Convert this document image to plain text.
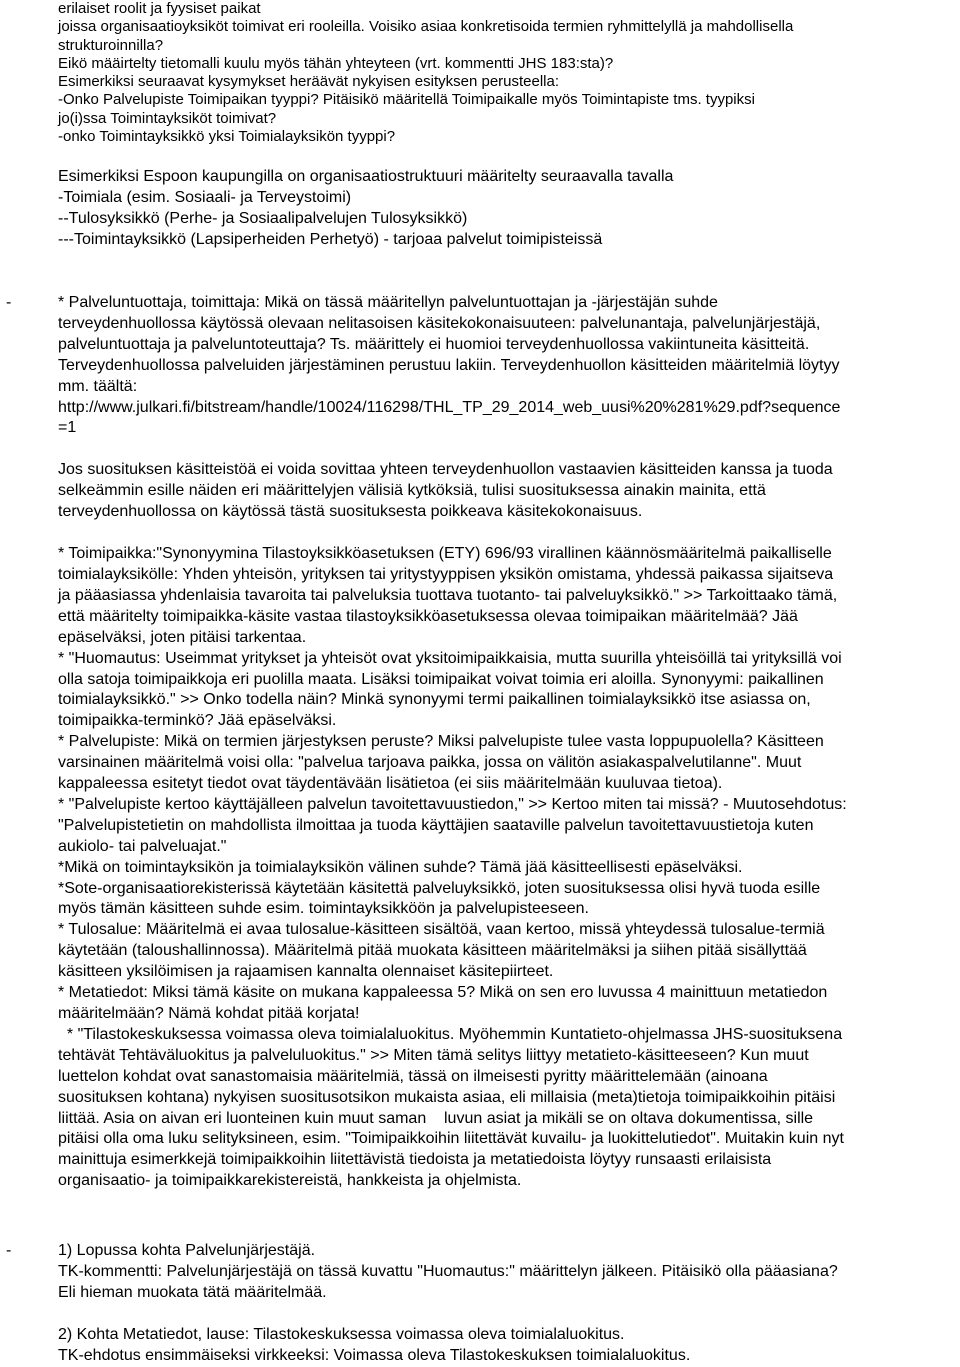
erilaiset roolit ja fyysiset paikat
joissa organisaatioyksiköt toimivat eri rooleilla. Voisiko asiaa konkretisoida termien ryhmittelyllä ja mahdollisella
strukturoinnilla?
Eikö määirtelty tietomalli kuulu myös tähän yhteyteen (vrt. kommentti JHS 183:sta)?
Esimerkiksi seuraavat kysymykset heräävät nykyisen esityksen perusteella:
-Onko Palvelupiste Toimipaikan tyyppi? Pitäisikö määritellä Toimipaikalle myös Toimintapiste tms. tyypiksi
jo(i)ssa Toimintayksiköt toimivat?
-onko Toimintayksikkö yksi Toimialayksikön tyyppi?
Esimerkiksi Espoon kaupungilla on organisaatiostruktuuri määritelty seuraavalla tavalla
-Toimiala (esim. Sosiaali- ja Terveystoimi)
--Tulosyksikkö (Perhe- ja Sosiaalipalvelujen Tulosyksikkö)
---Toimintayksikkö (Lapsiperheiden Perhetyö) - tarjoaa palvelut toimipisteissä
-	* Palveluntuottaja, toimittaja: Mikä on tässä määritellyn palveluntuottajan ja -järjestäjän suhde
terveydenhuollossa käytössä olevaan nelitasoisen käsitekokonaisuuteen: palvelunantaja, palvelunjärjestäjä,
palveluntuottaja ja palveluntoteuttaja? Ts. määrittely ei huomioi terveydenhuollossa vakiintuneita käsitteitä.
Terveydenhuollossa palveluiden järjestäminen perustuu lakiin. Terveydenhuollon käsitteiden määritelmiä löytyy
mm. täältä:
http://www.julkari.fi/bitstream/handle/10024/116298/THL_TP_29_2014_web_uusi%20%281%29.pdf?sequence
=1
Jos suosituksen käsitteistöä ei voida sovittaa yhteen terveydenhuollon vastaavien käsitteiden kanssa ja tuoda
selkeämmin esille näiden eri määrittelyjen välisiä kytköksiä, tulisi suosituksessa ainakin mainita, että
terveydenhuollossa on käytössä tästä suosituksesta poikkeava käsitekokonaisuus.
* Toimipaikka:"Synonyymina Tilastoyksikköasetuksen (ETY) 696/93 virallinen käännösmääritelmä paikalliselle
toimialayksikölle: Yhden yhteisön, yrityksen tai yritystyyppisen yksikön omistama, yhdessä paikassa sijaitseva
ja pääasiassa yhdenlaisia tavaroita tai palveluksia tuottava tuotanto- tai palveluyksikkö." >> Tarkoittaako tämä,
että määritelty toimipaikka-käsite vastaa tilastoyksikköasetuksessa olevaa toimipaikan määritelmää? Jää
epäselväksi, joten pitäisi tarkentaa.
* "Huomautus: Useimmat yritykset ja yhteisöt ovat yksitoimipaikkaisia, mutta suurilla yhteisöillä tai yrityksillä voi
olla satoja toimipaikkoja eri puolilla maata. Lisäksi toimipaikat voivat toimia eri aloilla. Synonyymi: paikallinen
toimialayksikkö." >> Onko todella näin? Minkä synonyymi termi paikallinen toimialayksikkö itse asiassa on,
toimipaikka-terminkö? Jää epäselväksi.
* Palvelupiste: Mikä on termien järjestyksen peruste? Miksi palvelupiste tulee vasta loppupuolella? Käsitteen
varsinainen määritelmä voisi olla: "palvelua tarjoava paikka, jossa on välitön asiakaspalvelutilanne". Muut
kappaleessa esitetyt tiedot ovat täydentävään lisätietoa (ei siis määritelmään kuuluvaa tietoa).
* "Palvelupiste kertoo käyttäjälleen palvelun tavoitettavuustiedon," >> Kertoo miten tai missä? - Muutosehdotus:
"Palvelupistetietin on mahdollista ilmoittaa ja tuoda käyttäjien saataville palvelun tavoitettavuustietoja kuten
aukiolo- tai palveluajat."
*Mikä on toimintayksikön ja toimialayksikön välinen suhde? Tämä jää käsitteellisesti epäselväksi.
*Sote-organisaatiorekisterissä käytetään käsitettä palveluyksikkö, joten suosituksessa olisi hyvä tuoda esille
myös tämän käsitteen suhde esim. toimintayksikköön ja palvelupisteeseen.
* Tulosalue: Määritelmä ei avaa tulosalue-käsitteen sisältöä, vaan kertoo, missä yhteydessä tulosalue-termiä
käytetään (taloushallinnossa). Määritelmä pitää muokata käsitteen määritelmäksi ja siihen pitää sisällyttää
käsitteen yksilöimisen ja rajaamisen kannalta olennaiset käsitepiirteet.
* Metatiedot: Miksi tämä käsite on mukana kappaleessa 5? Mikä on sen ero luvussa 4 mainittuun metatiedon
määritelmään? Nämä kohdat pitää korjata!
* "Tilastokeskuksessa voimassa oleva toimialaluokitus. Myöhemmin Kuntatieto-ohjelmassa JHS-suosituksena
tehtävät Tehtäväluokitus ja palveluluokitus." >> Miten tämä selitys liittyy metatieto-käsitteeseen? Kun muut
luettelon kohdat ovat sanastomaisia määritelmiä, tässä on ilmeisesti pyritty määrittelemään (ainoana
suosituksen kohtana) nykyisen suositusotsikon mukaista asiaa, eli millaisia (meta)tietoja toimipaikkoihin pitäisi
liittää. Asia on aivan eri luonteinen kuin muut saman    luvun asiat ja mikäli se on oltava dokumentissa, sille
pitäisi olla oma luku selityksineen, esim. "Toimipaikkoihin liitettävät kuvailu- ja luokittelutiedot". Muitakin kuin nyt
mainittuja esimerkkejä toimipaikkoihin liitettävistä tiedoista ja metatiedoista löytyy runsaasti erilaisista
organisaatio- ja toimipaikkarekistereistä, hankkeista ja ohjelmista.
-	1) Lopussa kohta Palvelunjärjestäjä.
TK-kommentti: Palvelunjärjestäjä on tässä kuvattu "Huomautus:" määrittelyn jälkeen. Pitäisikö olla pääasiana?
Eli hieman muokata tätä määritelmää.
2) Kohta Metatiedot, lause: Tilastokeskuksessa voimassa oleva toimialaluokitus.
TK-ehdotus ensimmäiseksi virkkeeksi: Voimassa oleva Tilastokeskuksen toimialaluokitus.
